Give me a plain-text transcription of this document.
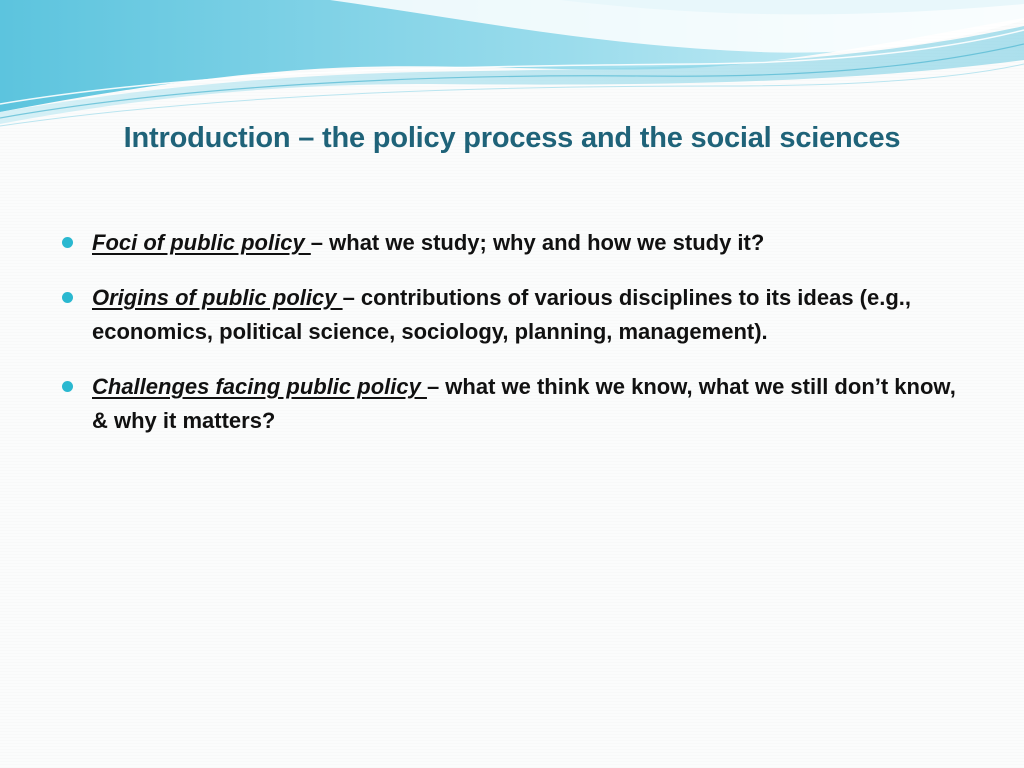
Introduction – the policy process and the social sciences
Foci of public policy – what we study; why and how we study it?
Origins of public policy – contributions of various disciplines to its ideas (e.g., economics, political science, sociology, planning, management).
Challenges facing public policy – what we think we know, what we still don’t know, & why it matters?
